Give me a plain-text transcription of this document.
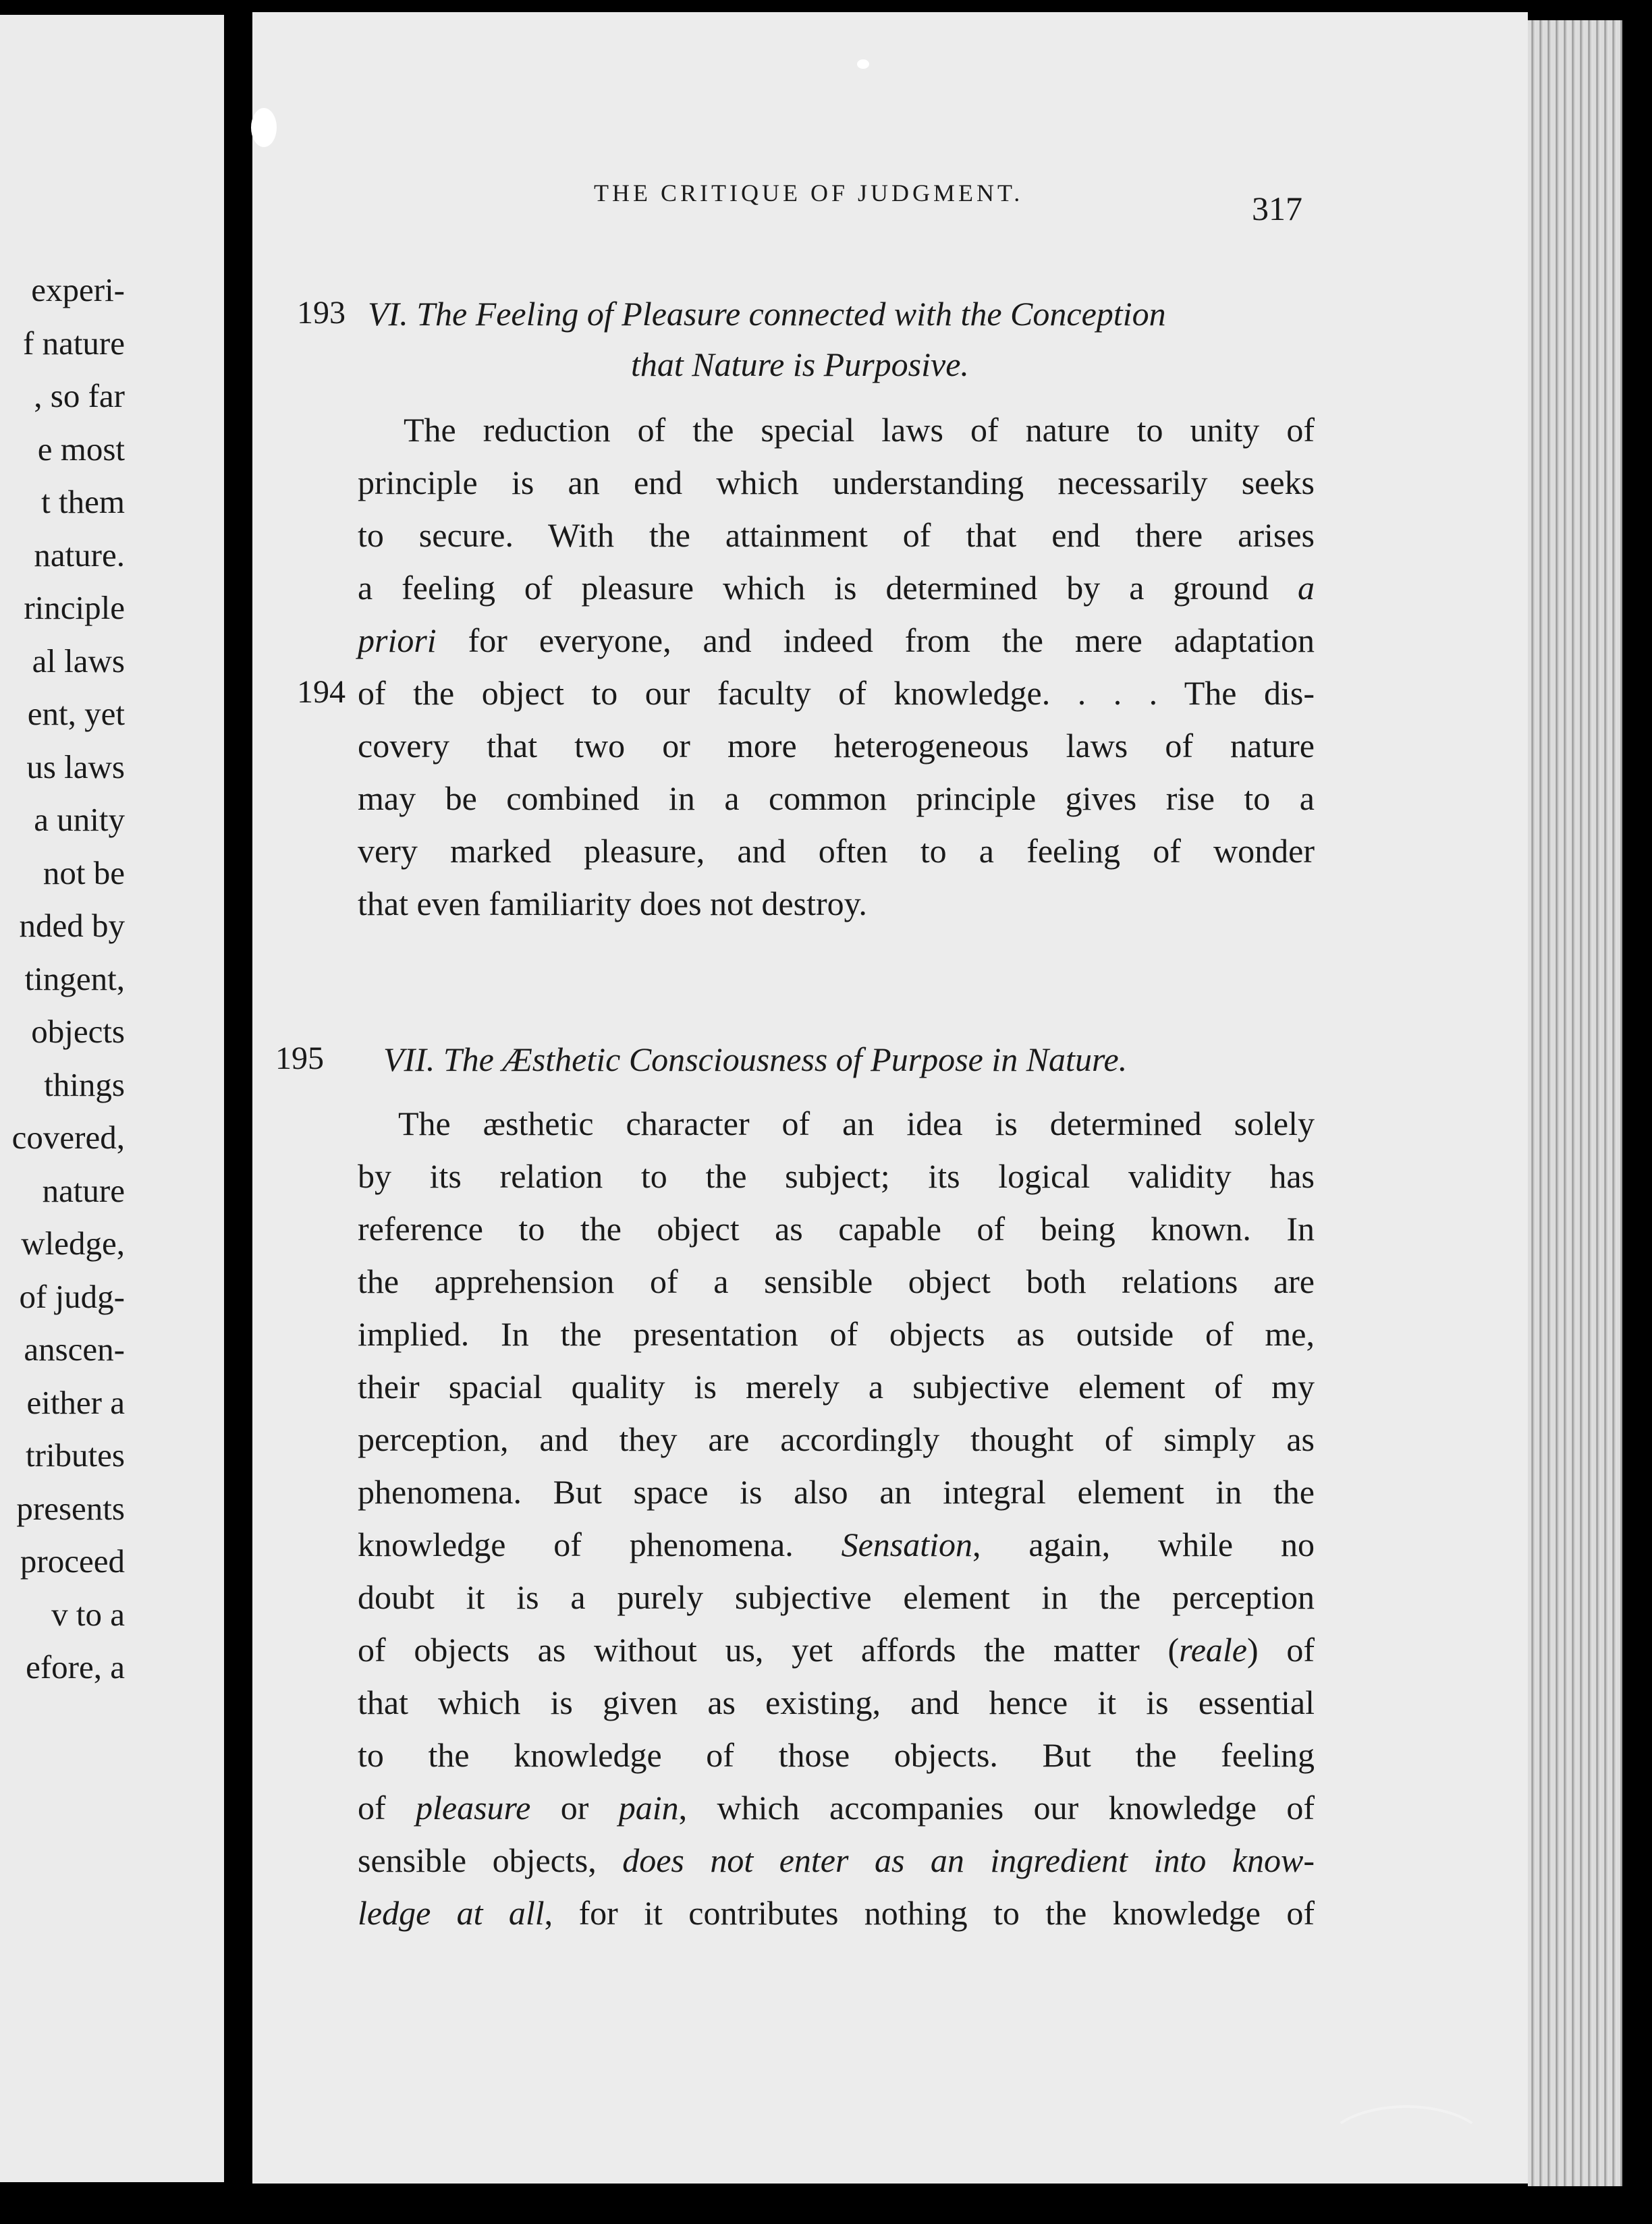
experi-
f nature
, so far
e most
t them
nature.
rinciple
al laws
ent, yet
us laws
a unity
not be
nded by
tingent,
objects
things
covered,
nature
wledge,
of judg-
anscen-
either a
tributes
presents
proceed
v to a
efore, a
THE CRITIQUE OF JUDGMENT.	317
193 VI. The Feeling of Pleasure connected with the Conception
that Nature is Purposive.
The reduction of the special laws of nature to unity of
principle is an end which understanding necessarily seeks
to secure. With the attainment of that end there arises
a feeling of pleasure which is determined by a ground a
priori for everyone, and indeed from the mere adaptation
194 of the object to our faculty of knowledge. . . . The dis-
covery that two or more heterogeneous laws of nature
may be combined in a common principle gives rise to a
very marked pleasure, and often to a feeling of wonder
that even familiarity does not destroy.
195 VII. The Æsthetic Consciousness of Purpose in Nature.
The æsthetic character of an idea is determined solely
by its relation to the subject; its logical validity has
reference to the object as capable of being known. In
the apprehension of a sensible object both relations are
implied. In the presentation of objects as outside of me,
their spacial quality is merely a subjective element of my
perception, and they are accordingly thought of simply as
phenomena. But space is also an integral element in the
knowledge of phenomena. Sensation, again, while no
doubt it is a purely subjective element in the perception
of objects as without us, yet affords the matter (reale) of
that which is given as existing, and hence it is essential
to the knowledge of those objects. But the feeling
of pleasure or pain, which accompanies our knowledge of
sensible objects, does not enter as an ingredient into know-
ledge at all, for it contributes nothing to the knowledge of
